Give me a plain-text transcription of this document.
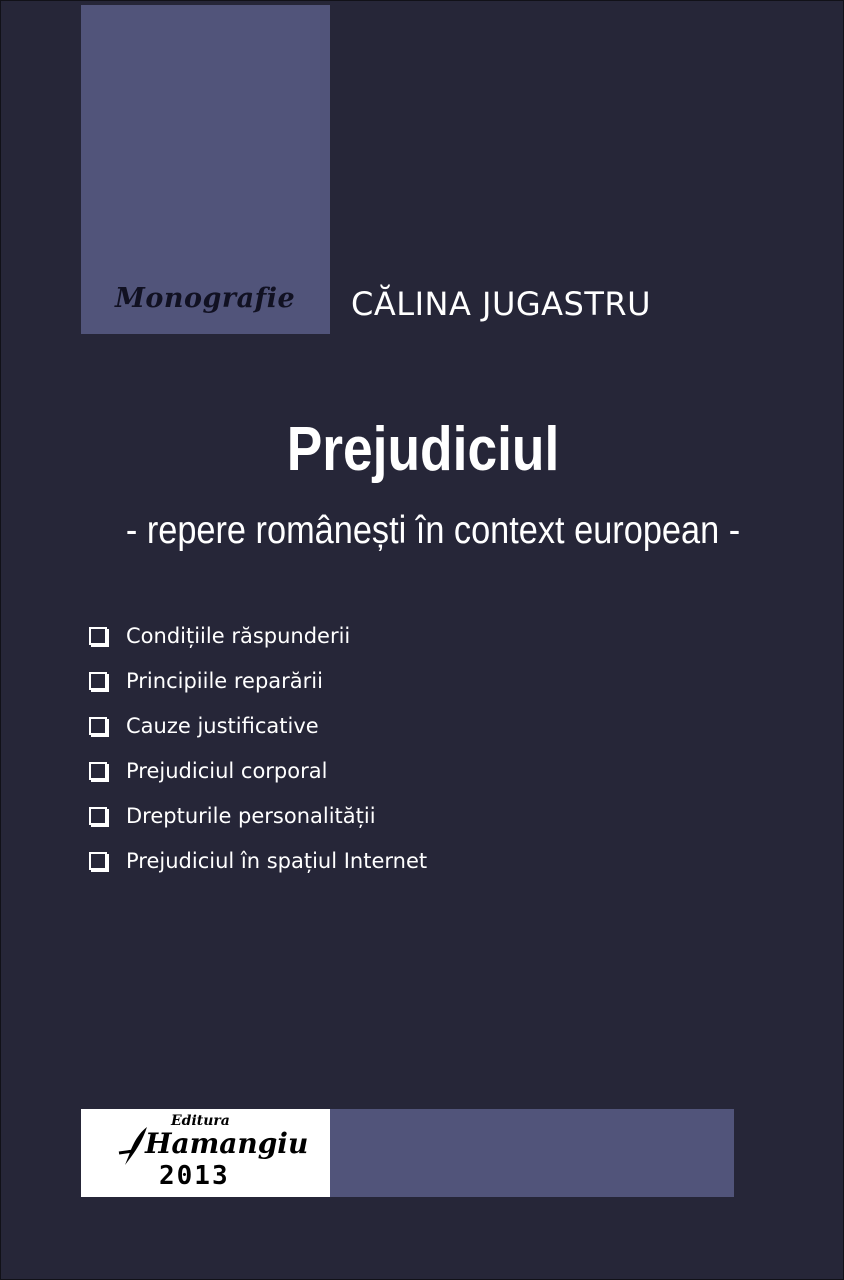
Monografie CĂLINA JUGASTRU
Prejudiciul
- repere românești în context european -
Condițiile răspunderii
Principiile reparării
Cauze justificative
Prejudiciul corporal
Drepturile personalității
Prejudiciul în spațiul Internet
Editura
Hamangiu
2013
